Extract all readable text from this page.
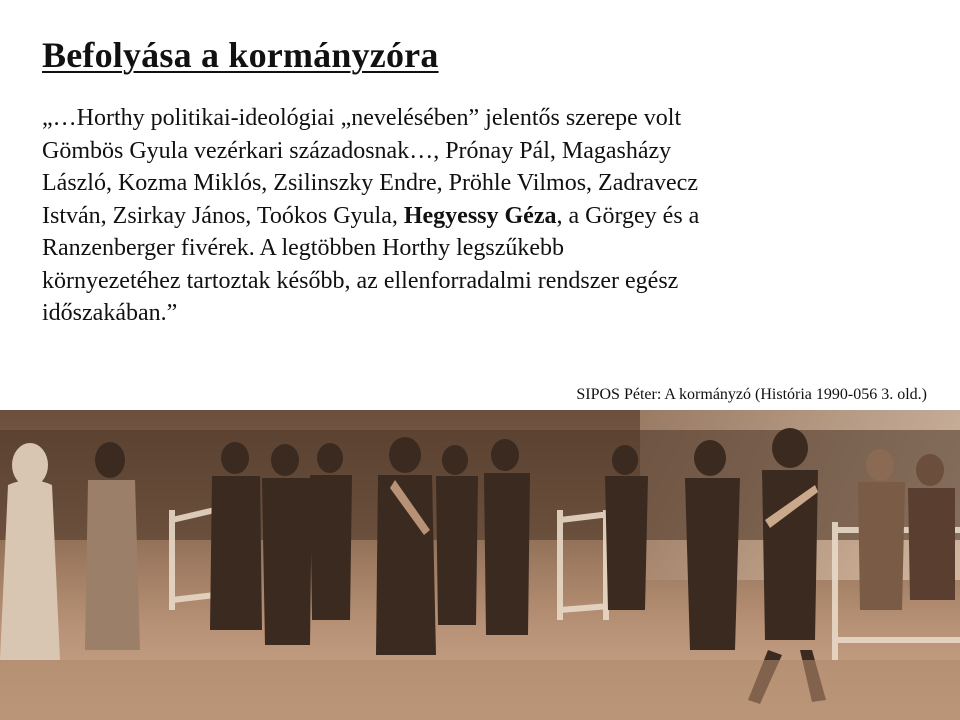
Befolyása a kormányzóra
„…Horthy politikai-ideológiai „nevelésében” jelentős szerepe volt
Gömbös Gyula vezérkari századosnak…, Prónay Pál, Magasházy
László, Kozma Miklós, Zsilinszky Endre, Pröhle Vilmos, Zadravecz
István, Zsirkay János, Toókos Gyula, Hegyessy Géza, a Görgey és a
Ranzenberger fivérek. A legtöbben Horthy legszűkebb
környezetéhez tartoztak később, az ellenforradalmi rendszer egész
időszakában.”
SIPOS Péter: A kormányzó (História 1990-056 3. old.)
